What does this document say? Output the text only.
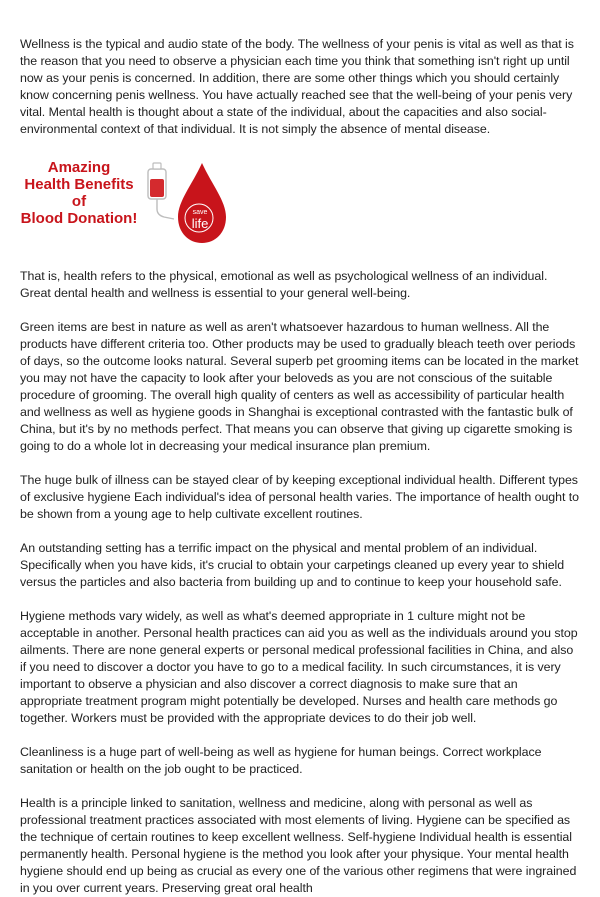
Wellness is the typical and audio state of the body. The wellness of your penis is vital as well as that is the reason that you need to observe a physician each time you think that something isn't right up until now as your penis is concerned. In addition, there are some other things which you should certainly know concerning penis wellness. You have actually reached see that the well-being of your penis very vital. Mental health is thought about a state of the individual, about the capacities and also social-environmental context of that individual. It is not simply the absence of mental disease.

Amazing
Health Benefits
of
Blood Donation!	save
life

That is, health refers to the physical, emotional as well as psychological wellness of an individual. Great dental health and wellness is essential to your general well-being.

Green items are best in nature as well as aren't whatsoever hazardous to human wellness. All the products have different criteria too. Other products may be used to gradually bleach teeth over periods of days, so the outcome looks natural. Several superb pet grooming items can be located in the market you may not have the capacity to look after your beloveds as you are not conscious of the suitable procedure of grooming. The overall high quality of centers as well as accessibility of particular health and wellness as well as hygiene goods in Shanghai is exceptional contrasted with the fantastic bulk of China, but it's by no methods perfect. That means you can observe that giving up cigarette smoking is going to do a whole lot in decreasing your medical insurance plan premium.

The huge bulk of illness can be stayed clear of by keeping exceptional individual health. Different types of exclusive hygiene Each individual's idea of personal health varies. The importance of health ought to be shown from a young age to help cultivate excellent routines.

An outstanding setting has a terrific impact on the physical and mental problem of an individual. Specifically when you have kids, it's crucial to obtain your carpetings cleaned up every year to shield versus the particles and also bacteria from building up and to continue to keep your household safe.

Hygiene methods vary widely, as well as what's deemed appropriate in 1 culture might not be acceptable in another. Personal health practices can aid you as well as the individuals around you stop ailments. There are none general experts or personal medical professional facilities in China, and also if you need to discover a doctor you have to go to a medical facility. In such circumstances, it is very important to observe a physician and also discover a correct diagnosis to make sure that an appropriate treatment program might potentially be developed. Nurses and health care methods go together. Workers must be provided with the appropriate devices to do their job well.

Cleanliness is a huge part of well-being as well as hygiene for human beings. Correct workplace sanitation or health on the job ought to be practiced.

Health is a principle linked to sanitation, wellness and medicine, along with personal as well as professional treatment practices associated with most elements of living. Hygiene can be specified as the technique of certain routines to keep excellent wellness. Self-hygiene Individual health is essential permanently health. Personal hygiene is the method you look after your physique. Your mental health hygiene should end up being as crucial as every one of the various other regimens that were ingrained in you over current years. Preserving great oral health
